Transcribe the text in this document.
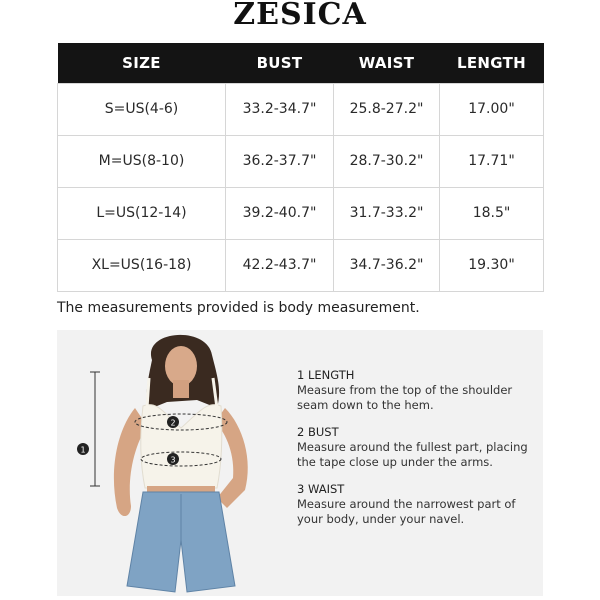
ZESICA
SIZE	BUST	WAIST	LENGTH
S=US(4-6)	33.2-34.7"	25.8-27.2"	17.00"
M=US(8-10)	36.2-37.7"	28.7-30.2"	17.71"
L=US(12-14)	39.2-40.7"	31.7-33.2"	18.5"
XL=US(16-18)	42.2-43.7"	34.7-36.2"	19.30"
The measurements provided is body measurement.
1
2
3
1 LENGTH
Measure from the top of the shoulder seam down to the hem.
2 BUST
Measure around the fullest part, placing the tape close up under the arms.
3 WAIST
Measure around the narrowest part of your body, under your navel.
